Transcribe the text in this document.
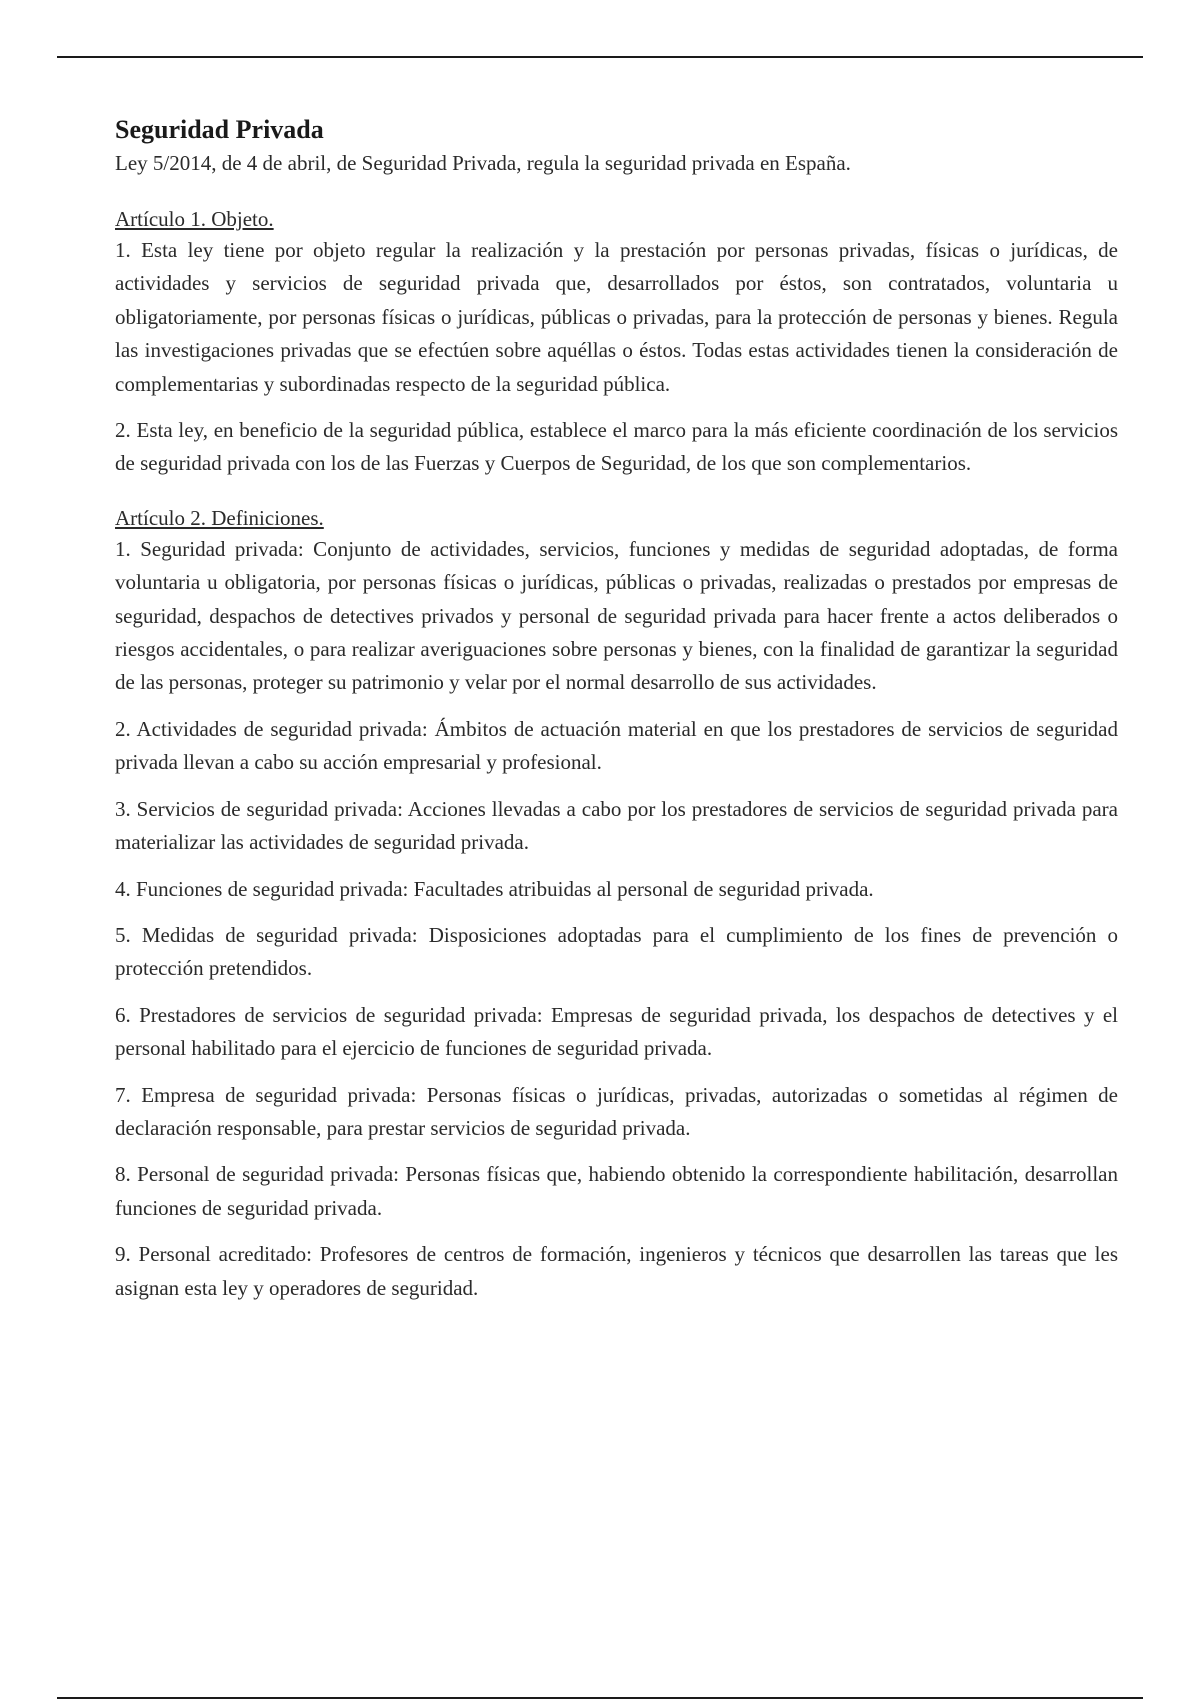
Seguridad Privada

Ley 5/2014, de 4 de abril, de Seguridad Privada, regula la seguridad privada en España.

Artículo 1. Objeto.

1. Esta ley tiene por objeto regular la realización y la prestación por personas privadas, físicas o jurídicas, de actividades y servicios de seguridad privada que, desarrollados por éstos, son contratados, voluntaria u obligatoriamente, por personas físicas o jurídicas, públicas o privadas, para la protección de personas y bienes. Regula las investigaciones privadas que se efectúen sobre aquéllas o éstos. Todas estas actividades tienen la consideración de complementarias y subordinadas respecto de la seguridad pública.

2. Esta ley, en beneficio de la seguridad pública, establece el marco para la más eficiente coordinación de los servicios de seguridad privada con los de las Fuerzas y Cuerpos de Seguridad, de los que son complementarios.

Artículo 2. Definiciones.

1. Seguridad privada: Conjunto de actividades, servicios, funciones y medidas de seguridad adoptadas, de forma voluntaria u obligatoria, por personas físicas o jurídicas, públicas o privadas, realizadas o prestados por empresas de seguridad, despachos de detectives privados y personal de seguridad privada para hacer frente a actos deliberados o riesgos accidentales, o para realizar averiguaciones sobre personas y bienes, con la finalidad de garantizar la seguridad de las personas, proteger su patrimonio y velar por el normal desarrollo de sus actividades.

2. Actividades de seguridad privada: Ámbitos de actuación material en que los prestadores de servicios de seguridad privada llevan a cabo su acción empresarial y profesional.

3. Servicios de seguridad privada: Acciones llevadas a cabo por los prestadores de servicios de seguridad privada para materializar las actividades de seguridad privada.

4. Funciones de seguridad privada: Facultades atribuidas al personal de seguridad privada.

5. Medidas de seguridad privada: Disposiciones adoptadas para el cumplimiento de los fines de prevención o protección pretendidos.

6. Prestadores de servicios de seguridad privada: Empresas de seguridad privada, los despachos de detectives y el personal habilitado para el ejercicio de funciones de seguridad privada.

7. Empresa de seguridad privada: Personas físicas o jurídicas, privadas, autorizadas o sometidas al régimen de declaración responsable, para prestar servicios de seguridad privada.

8. Personal de seguridad privada: Personas físicas que, habiendo obtenido la correspondiente habilitación, desarrollan funciones de seguridad privada.

9. Personal acreditado: Profesores de centros de formación, ingenieros y técnicos que desarrollen las tareas que les asignan esta ley y operadores de seguridad.
